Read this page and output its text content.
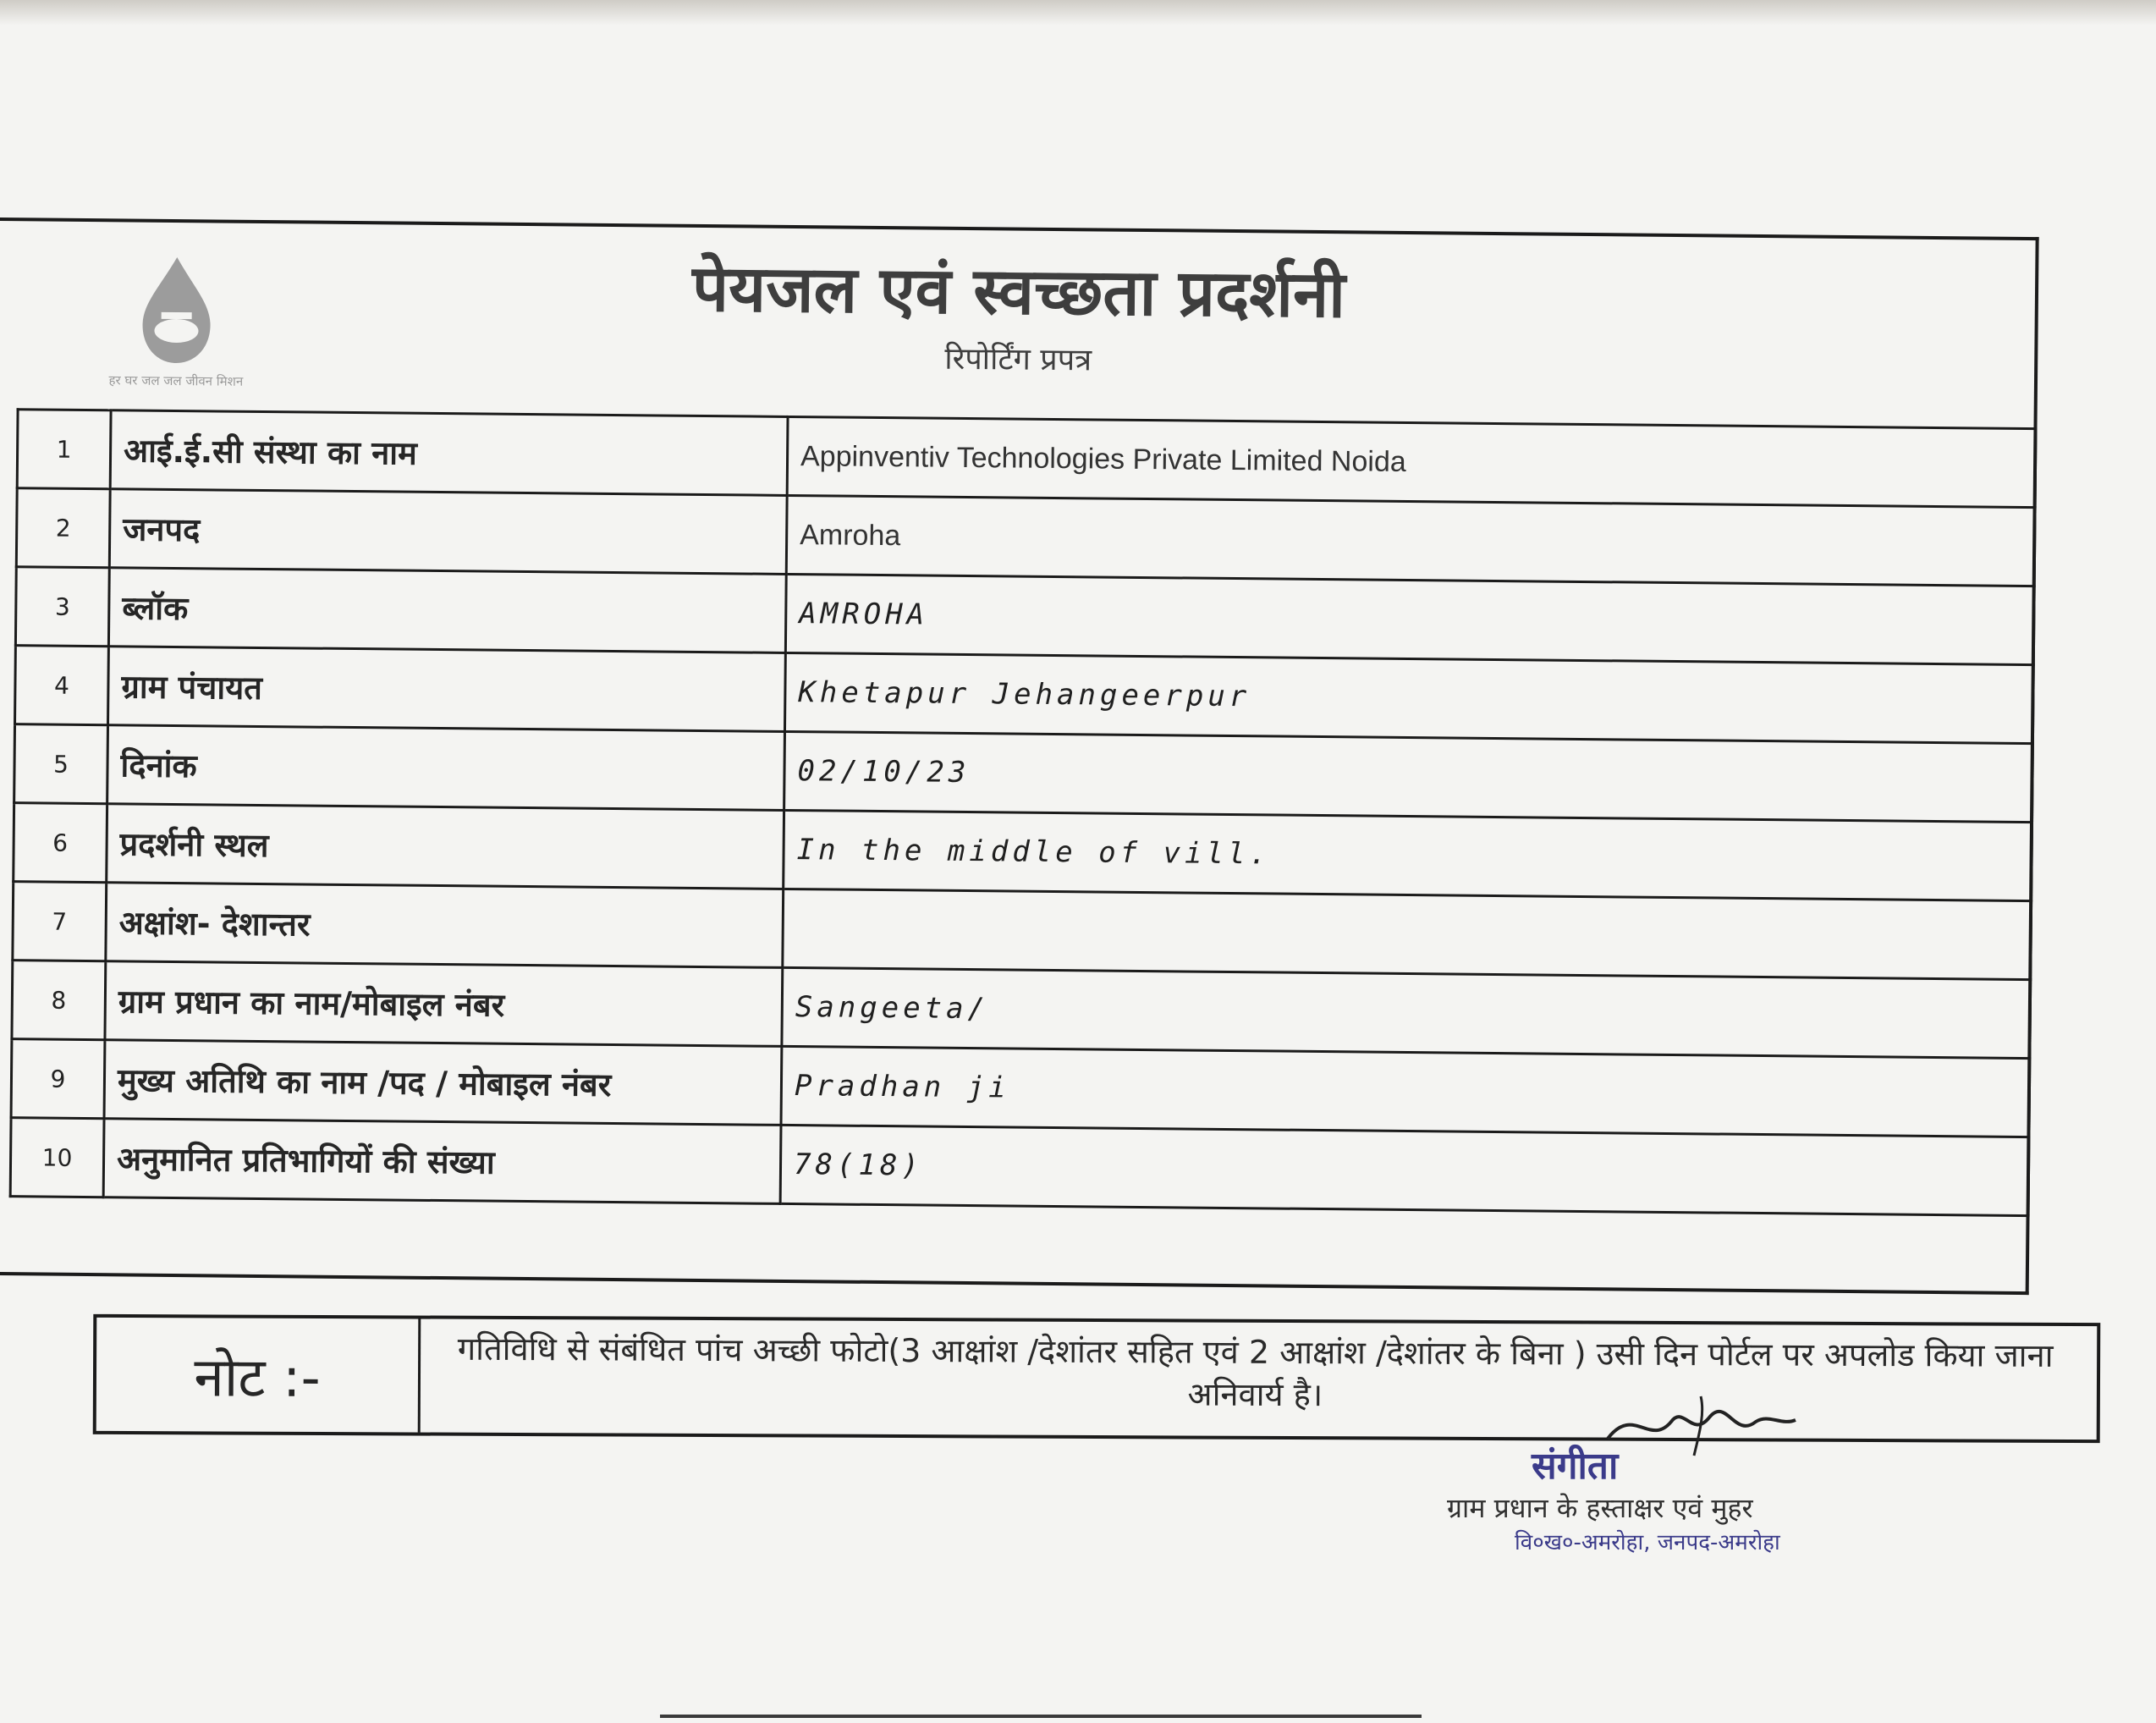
हर घर जल जल जीवन मिशन
पेयजल एवं स्वच्छता प्रदर्शनी
रिपोर्टिंग प्रपत्र
1	आई.ई.सी संस्था का नाम	Appinventiv Technologies Private Limited Noida
2	जनपद	Amroha
3	ब्लॉक	AMROHA
4	ग्राम पंचायत	Khetapur Jehangeerpur
5	दिनांक	02/10/23
6	प्रदर्शनी स्थल	In the middle of vill.
7	अक्षांश- देशान्तर	
8	ग्राम प्रधान का नाम/मोबाइल नंबर	Sangeeta/
9	मुख्य अतिथि का नाम /पद / मोबाइल नंबर	Pradhan ji
10	अनुमानित प्रतिभागियों की संख्या	78(18)
नोट :-	गतिविधि से संबंधित पांच अच्छी फोटो(3 आक्षांश /देशांतर सहित एवं 2 आक्षांश /देशांतर के बिना ) उसी दिन पोर्टल पर अपलोड किया जाना अनिवार्य है।
संगीता
ग्राम प्रधान के हस्ताक्षर एवं मुहर
वि०ख०-अमरोहा, जनपद-अमरोहा
